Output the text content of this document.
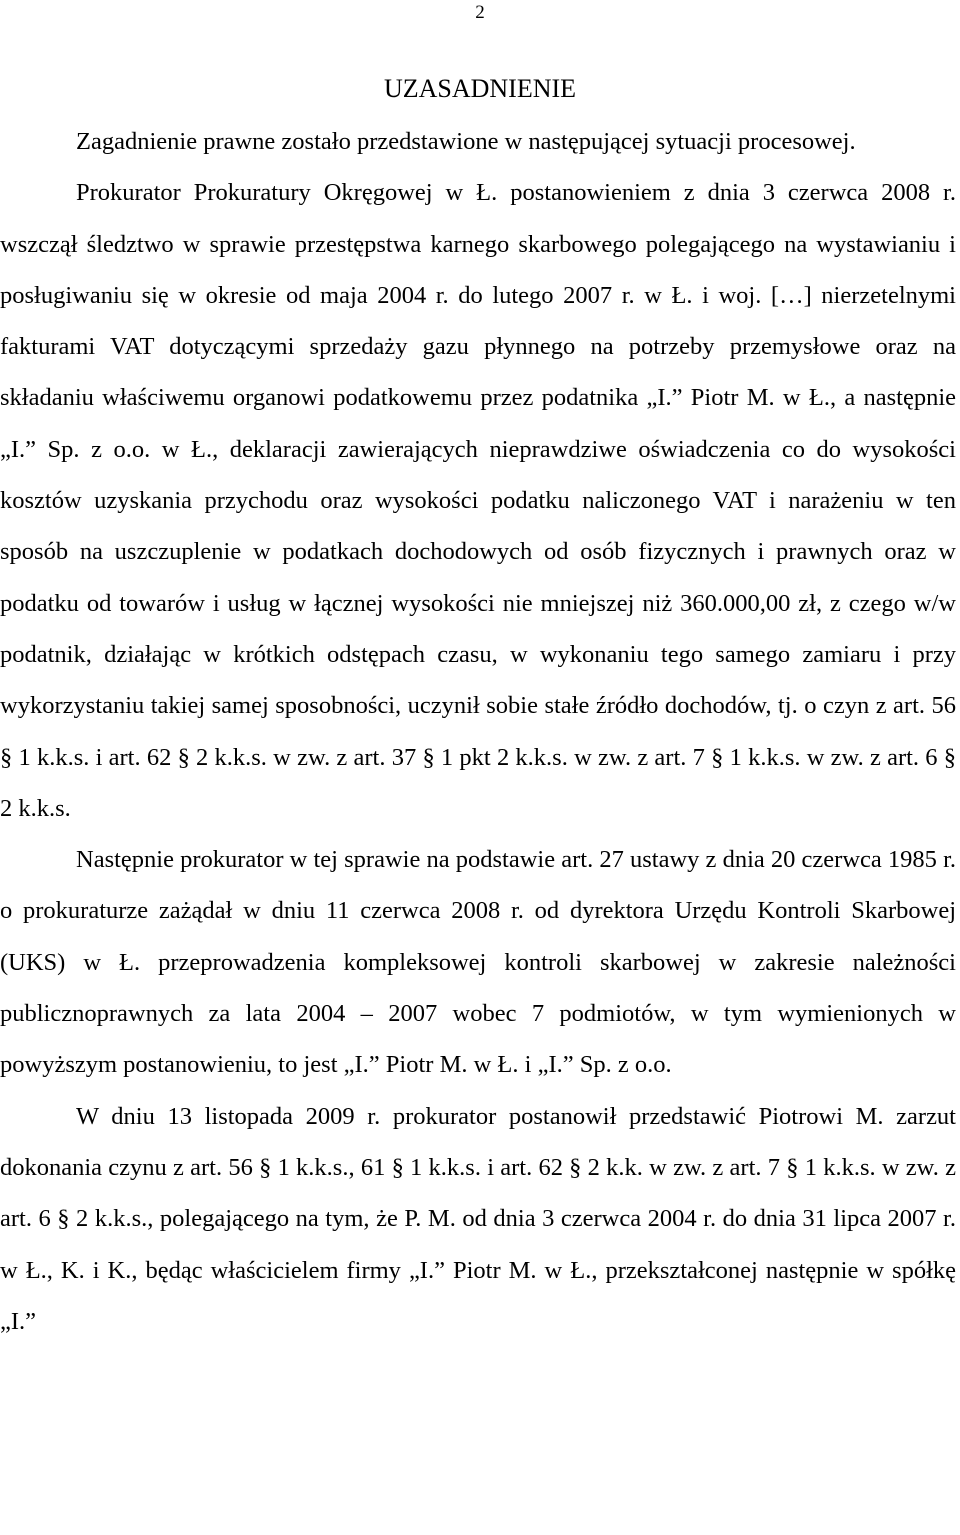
2
UZASADNIENIE

Zagadnienie prawne zostało przedstawione w następującej sytuacji procesowej.

Prokurator Prokuratury Okręgowej w Ł. postanowieniem z dnia 3 czerwca 2008 r. wszczął śledztwo w sprawie przestępstwa karnego skarbowego polegającego na wystawianiu i posługiwaniu się w okresie od maja 2004 r. do lutego 2007 r. w Ł. i woj. […] nierzetelnymi fakturami VAT dotyczącymi sprzedaży gazu płynnego na potrzeby przemysłowe oraz na składaniu właściwemu organowi podatkowemu przez podatnika „I.” Piotr M. w Ł., a następnie „I.” Sp. z o.o. w Ł., deklaracji zawierających nieprawdziwe oświadczenia co do wysokości kosztów uzyskania przychodu oraz wysokości podatku naliczonego VAT i narażeniu w ten sposób na uszczuplenie w podatkach dochodowych od osób fizycznych i prawnych oraz w podatku od towarów i usług w łącznej wysokości nie mniejszej niż 360.000,00 zł, z czego w/w podatnik, działając w krótkich odstępach czasu, w wykonaniu tego samego zamiaru i przy wykorzystaniu takiej samej sposobności, uczynił sobie stałe źródło dochodów, tj. o czyn z art. 56 § 1 k.k.s. i art. 62 § 2 k.k.s. w zw. z art. 37 § 1 pkt 2 k.k.s. w zw. z art. 7 § 1 k.k.s. w zw. z art. 6 § 2 k.k.s.

Następnie prokurator w tej sprawie na podstawie art. 27 ustawy z dnia 20 czerwca 1985 r. o prokuraturze zażądał w dniu 11 czerwca 2008 r. od dyrektora Urzędu Kontroli Skarbowej (UKS) w Ł. przeprowadzenia kompleksowej kontroli skarbowej w zakresie należności publicznoprawnych za lata 2004 – 2007 wobec 7 podmiotów, w tym wymienionych w powyższym postanowieniu, to jest „I.” Piotr M. w Ł. i „I.” Sp. z o.o.

W dniu 13 listopada 2009 r. prokurator postanowił przedstawić Piotrowi M. zarzut dokonania czynu z art. 56 § 1 k.k.s., 61 § 1 k.k.s. i art. 62 § 2 k.k. w zw. z art. 7 § 1 k.k.s. w zw. z art. 6 § 2 k.k.s., polegającego na tym, że P. M. od dnia 3 czerwca 2004 r. do dnia 31 lipca 2007 r. w Ł., K. i K., będąc właścicielem firmy „I.” Piotr M. w Ł., przekształconej następnie w spółkę „I.”
